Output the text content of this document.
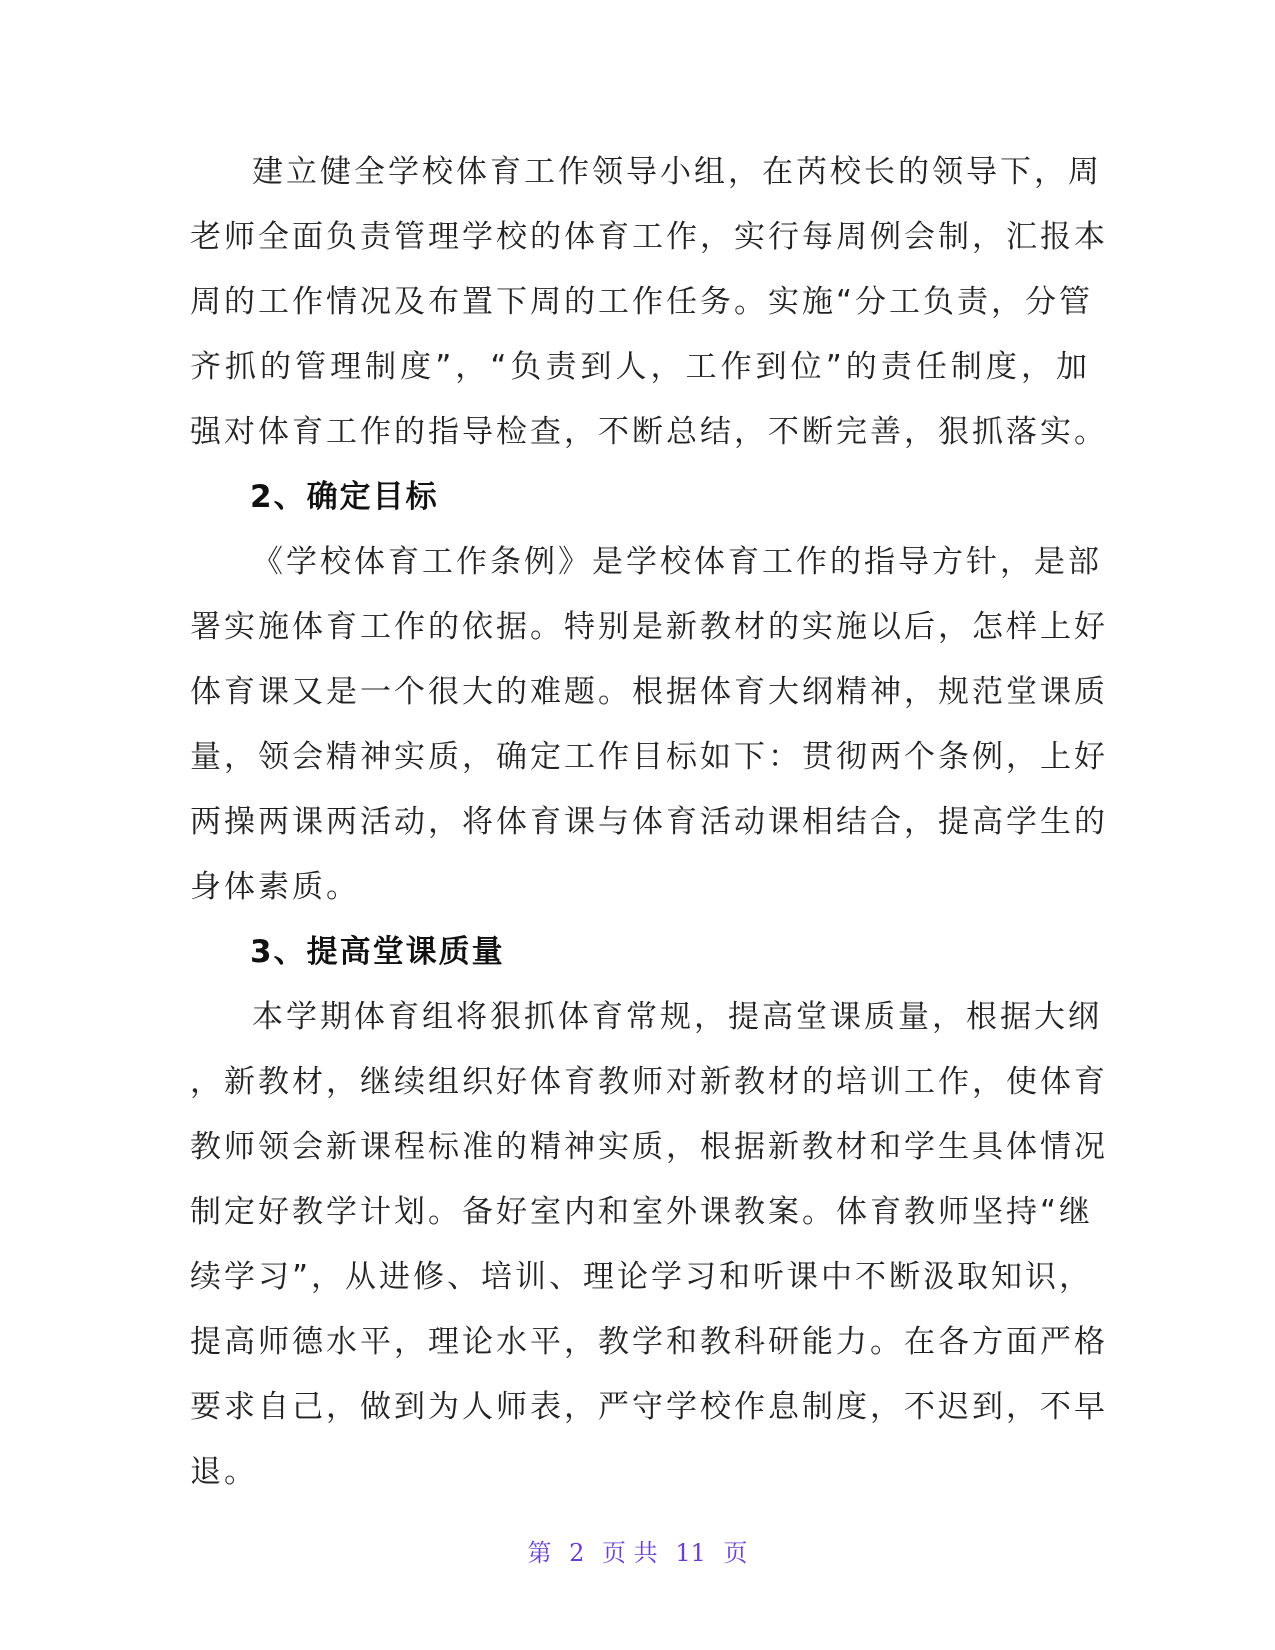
建立健全学校体育工作领导小组，在芮校长的领导下，周
老师全面负责管理学校的体育工作，实行每周例会制，汇报本
周的工作情况及布置下周的工作任务。实施“分工负责，分管
齐抓的管理制度”，“负责到人，工作到位”的责任制度，加
强对体育工作的指导检查，不断总结，不断完善，狠抓落实。
2、确定目标
《学校体育工作条例》是学校体育工作的指导方针，是部
署实施体育工作的依据。特别是新教材的实施以后，怎样上好
体育课又是一个很大的难题。根据体育大纲精神，规范堂课质
量，领会精神实质，确定工作目标如下：贯彻两个条例，上好
两操两课两活动，将体育课与体育活动课相结合，提高学生的
身体素质。
3、提高堂课质量
本学期体育组将狠抓体育常规，提高堂课质量，根据大纲
，新教材，继续组织好体育教师对新教材的培训工作，使体育
教师领会新课程标准的精神实质，根据新教材和学生具体情况
制定好教学计划。备好室内和室外课教案。体育教师坚持“继
续学习”，从进修、培训、理论学习和听课中不断汲取知识，
提高师德水平，理论水平，教学和教科研能力。在各方面严格
要求自己，做到为人师表，严守学校作息制度，不迟到，不早
退。
第 2 页 共 11 页
